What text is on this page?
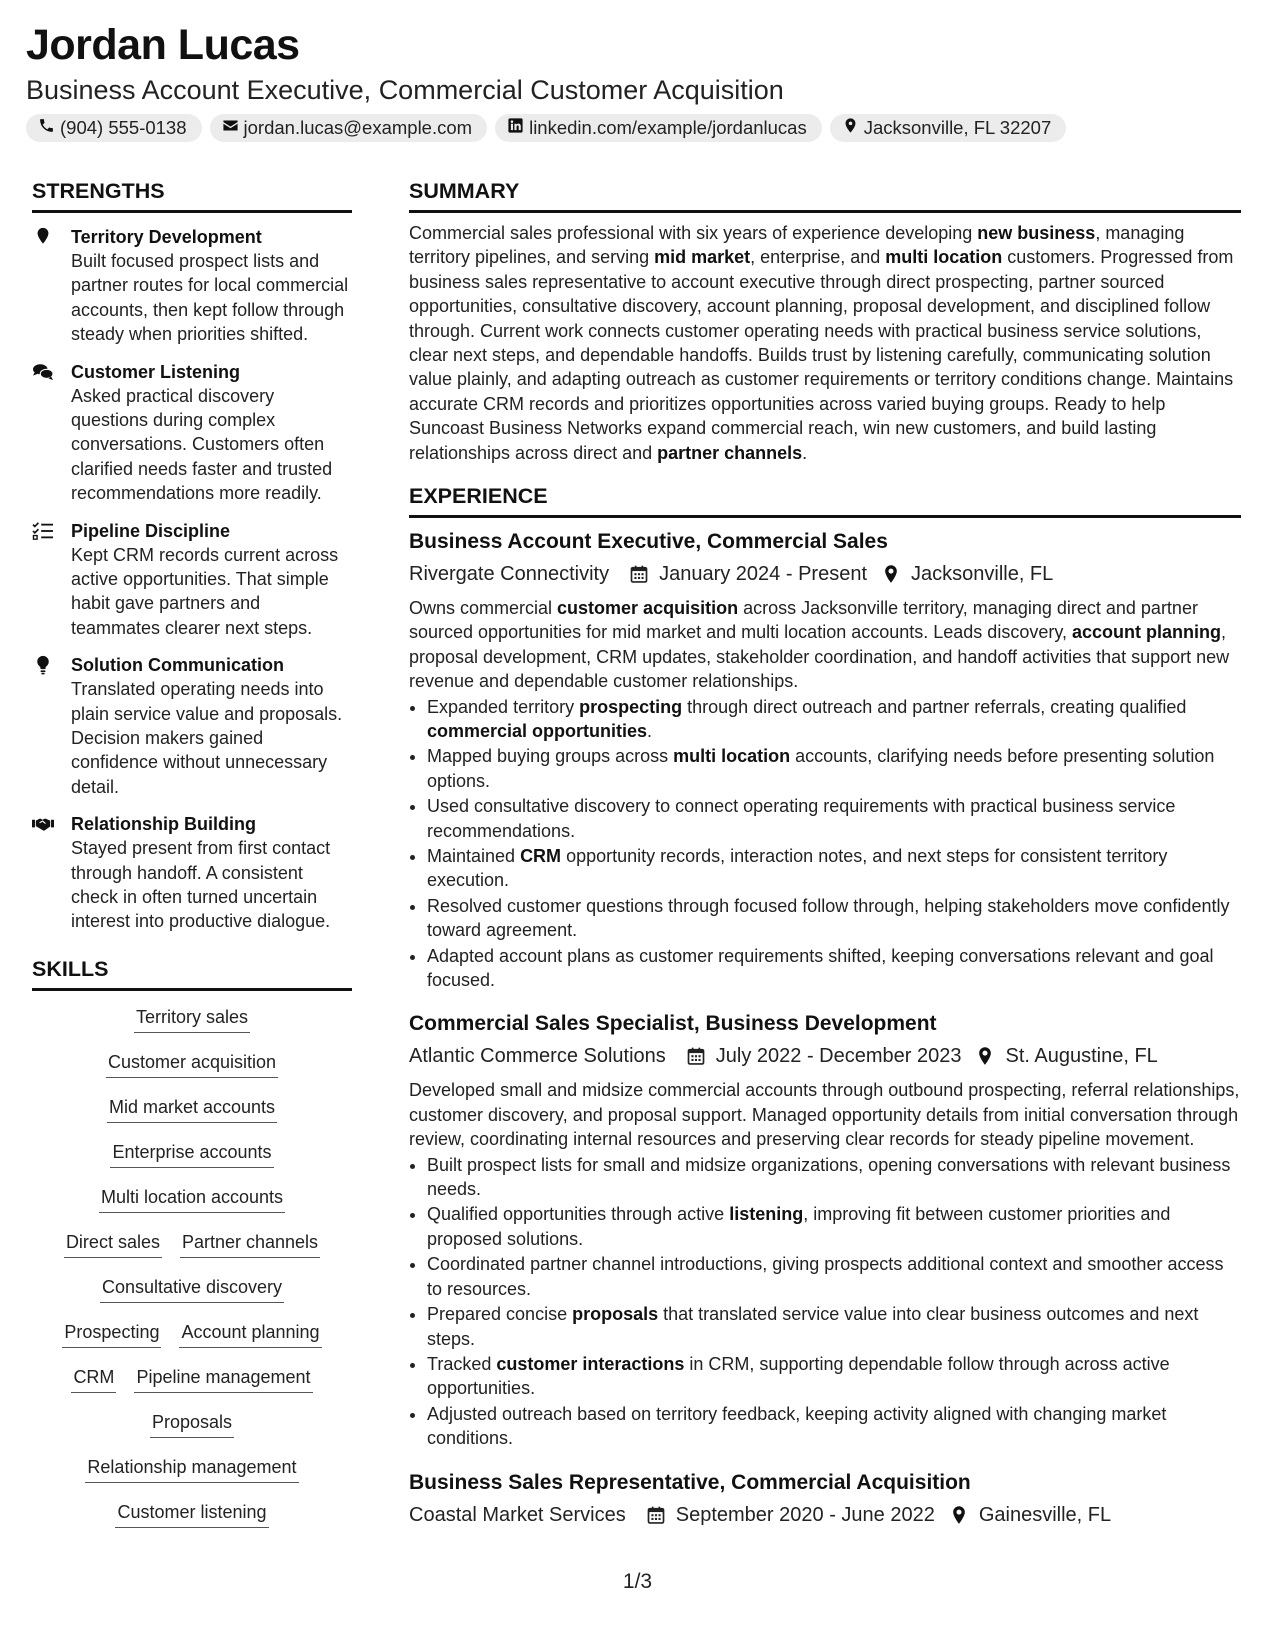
Jordan Lucas
Business Account Executive, Commercial Customer Acquisition
(904) 555-0138	jordan.lucas@example.com	linkedin.com/example/jordanlucas	Jacksonville, FL 32207
STRENGTHS
Territory Development
Built focused prospect lists and partner routes for local commercial accounts, then kept follow through steady when priorities shifted.
Customer Listening
Asked practical discovery questions during complex conversations. Customers often clarified needs faster and trusted recommendations more readily.
Pipeline Discipline
Kept CRM records current across active opportunities. That simple habit gave partners and teammates clearer next steps.
Solution Communication
Translated operating needs into plain service value and proposals. Decision makers gained confidence without unnecessary detail.
Relationship Building
Stayed present from first contact through handoff. A consistent check in often turned uncertain interest into productive dialogue.
SKILLS
Territory sales
Customer acquisition
Mid market accounts
Enterprise accounts
Multi location accounts
Direct sales Partner channels
Consultative discovery
Prospecting Account planning
CRM Pipeline management
Proposals
Relationship management
Customer listening
SUMMARY
Commercial sales professional with six years of experience developing new business, managing territory pipelines, and serving mid market, enterprise, and multi location customers. Progressed from business sales representative to account executive through direct prospecting, partner sourced opportunities, consultative discovery, account planning, proposal development, and disciplined follow through. Current work connects customer operating needs with practical business service solutions, clear next steps, and dependable handoffs. Builds trust by listening carefully, communicating solution value plainly, and adapting outreach as customer requirements or territory conditions change. Maintains accurate CRM records and prioritizes opportunities across varied buying groups. Ready to help Suncoast Business Networks expand commercial reach, win new customers, and build lasting relationships across direct and partner channels.
EXPERIENCE
Business Account Executive, Commercial Sales
Rivergate Connectivity	January 2024 - Present Jacksonville, FL
Owns commercial customer acquisition across Jacksonville territory, managing direct and partner sourced opportunities for mid market and multi location accounts. Leads discovery, account planning, proposal development, CRM updates, stakeholder coordination, and handoff activities that support new revenue and dependable customer relationships.
• Expanded territory prospecting through direct outreach and partner referrals, creating qualified commercial opportunities.
• Mapped buying groups across multi location accounts, clarifying needs before presenting solution options.
• Used consultative discovery to connect operating requirements with practical business service recommendations.
• Maintained CRM opportunity records, interaction notes, and next steps for consistent territory execution.
• Resolved customer questions through focused follow through, helping stakeholders move confidently toward agreement.
• Adapted account plans as customer requirements shifted, keeping conversations relevant and goal focused.
Commercial Sales Specialist, Business Development
Atlantic Commerce Solutions	July 2022 - December 2023 St. Augustine, FL
Developed small and midsize commercial accounts through outbound prospecting, referral relationships, customer discovery, and proposal support. Managed opportunity details from initial conversation through review, coordinating internal resources and preserving clear records for steady pipeline movement.
• Built prospect lists for small and midsize organizations, opening conversations with relevant business needs.
• Qualified opportunities through active listening, improving fit between customer priorities and proposed solutions.
• Coordinated partner channel introductions, giving prospects additional context and smoother access to resources.
• Prepared concise proposals that translated service value into clear business outcomes and next steps.
• Tracked customer interactions in CRM, supporting dependable follow through across active opportunities.
• Adjusted outreach based on territory feedback, keeping activity aligned with changing market conditions.
Business Sales Representative, Commercial Acquisition
Coastal Market Services	September 2020 - June 2022 Gainesville, FL
1/3
